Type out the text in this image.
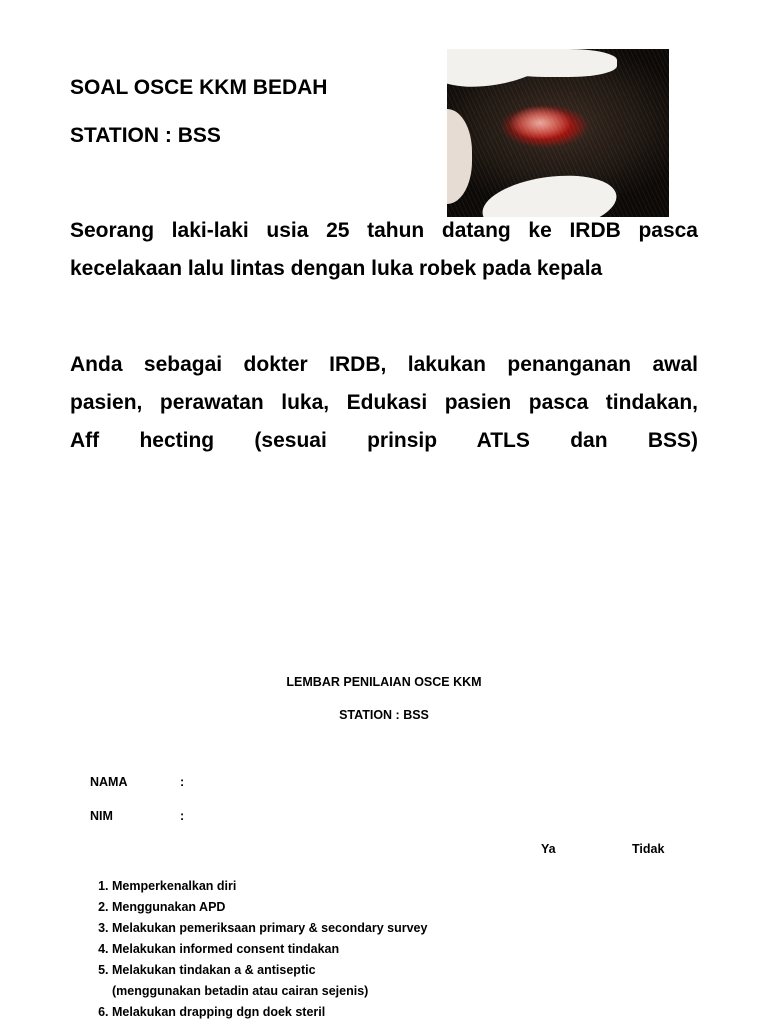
SOAL OSCE KKM BEDAH
STATION : BSS

Seorang laki-laki usia 25 tahun datang ke IRDB pasca
kecelakaan lalu lintas dengan luka robek pada kepala

Anda sebagai dokter IRDB, lakukan penanganan awal
pasien, perawatan luka, Edukasi pasien pasca tindakan,
Aff hecting (sesuai prinsip ATLS dan BSS)

LEMBAR PENILAIAN OSCE KKM
STATION : BSS
NAMA	:
NIM	:
Ya	Tidak
1. Memperkenalkan diri
2. Menggunakan APD
3. Melakukan pemeriksaan primary & secondary survey
4. Melakukan informed consent tindakan
5. Melakukan tindakan a & antiseptic
(menggunakan betadin atau cairan sejenis)
6. Melakukan drapping dgn doek steril
